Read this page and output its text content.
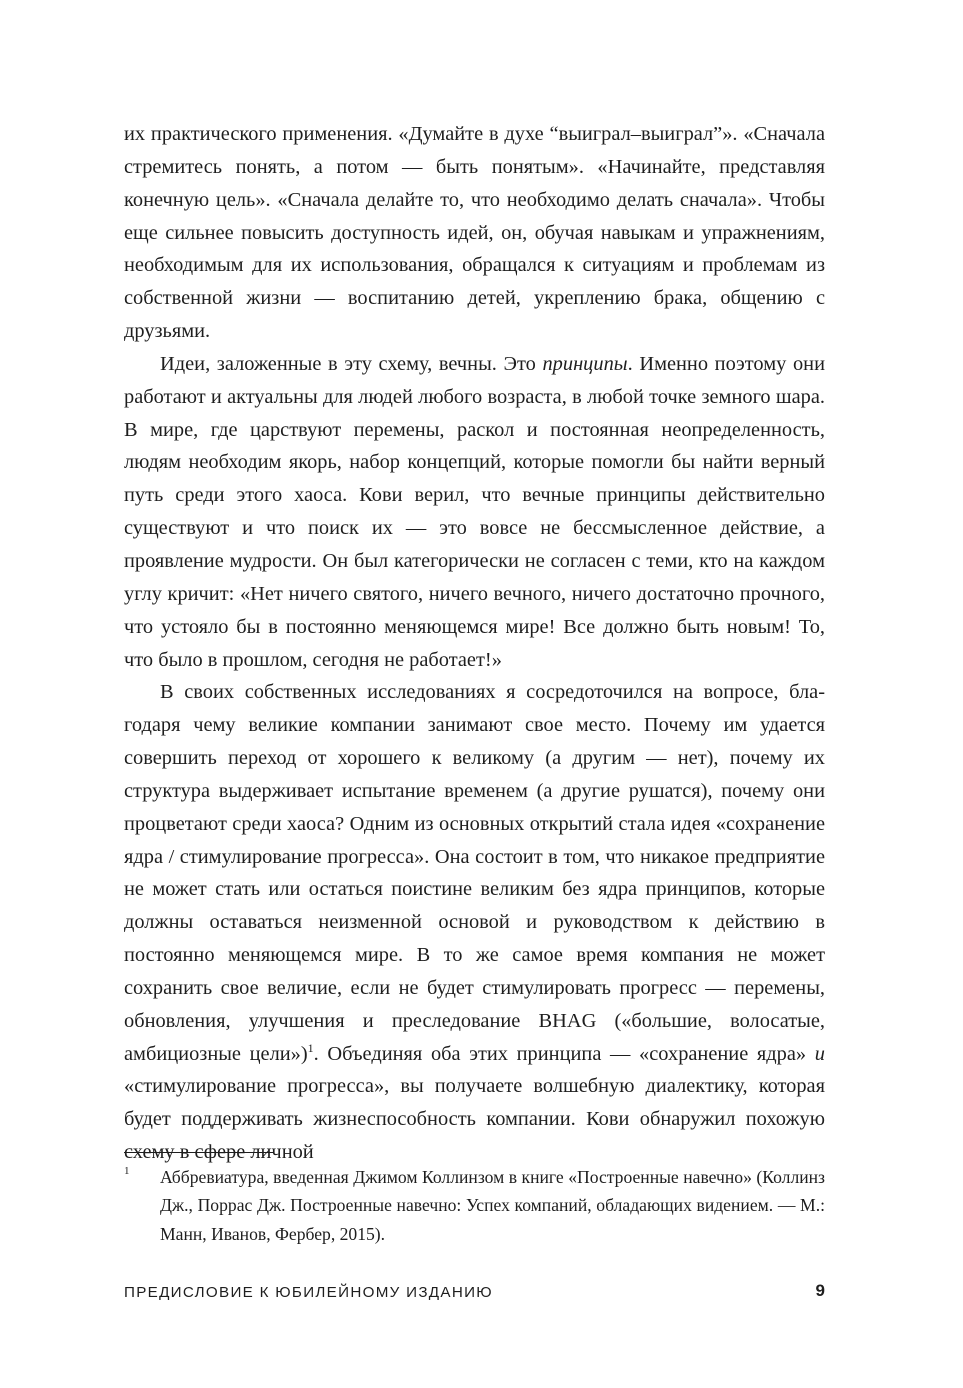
их практического применения. «Думайте в духе “выиграл–выиграл”». «Сначала стремитесь понять, а потом — быть понятым». «Начинайте, представляя конечную цель». «Сначала делайте то, что необходимо делать сначала». Чтобы еще сильнее повысить доступность идей, он, обучая навыкам и упражнениям, необходимым для их использования, обращался к ситуациям и проблемам из собственной жизни — воспитанию детей, укреплению брака, общению с друзьями.

Идеи, заложенные в эту схему, вечны. Это принципы. Именно поэтому они работают и актуальны для людей любого возраста, в любой точке земного шара. В мире, где царствуют перемены, раскол и постоянная неопределенность, людям необходим якорь, набор концепций, которые помогли бы найти верный путь среди этого хаоса. Кови верил, что вечные принципы действительно существуют и что поиск их — это вовсе не бессмысленное действие, а проявление мудрости. Он был категорически не согласен с теми, кто на каждом углу кричит: «Нет ничего святого, ничего вечного, ничего достаточно прочного, что устояло бы в постоянно меняющемся мире! Все должно быть новым! То, что было в прошлом, сегодня не работает!»

В своих собственных исследованиях я сосредоточился на вопросе, благодаря чему великие компании занимают свое место. Почему им удается совершить переход от хорошего к великому (а другим — нет), почему их структура выдерживает испытание временем (а другие рушатся), почему они процветают среди хаоса? Одним из основных открытий стала идея «сохранение ядра / стимулирование прогресса». Она состоит в том, что никакое предприятие не может стать или остаться поистине великим без ядра принципов, которые должны оставаться неизменной основой и руководством к действию в постоянно меняющемся мире. В то же самое время компания не может сохранить свое величие, если не будет стимулировать прогресс — перемены, обновления, улучшения и преследование BHAG («большие, волосатые, амбициозные цели»)$^1$. Объединяя оба этих принципа — «сохранение ядра» и «стимулирование прогресса», вы получаете волшебную диалектику, которая будет поддерживать жизнеспособность компании. Кови обнаружил похожую схему в сфере личной

1 Аббревиатура, введенная Джимом Коллинзом в книге «Построенные навечно» (Коллинз Дж., Поррас Дж. Построенные навечно: Успех компаний, обладающих видением. — М.: Манн, Иванов, Фербер, 2015).
ПРЕДИСЛОВИЕ К ЮБИЛЕЙНОМУ ИЗДАНИЮ	9
